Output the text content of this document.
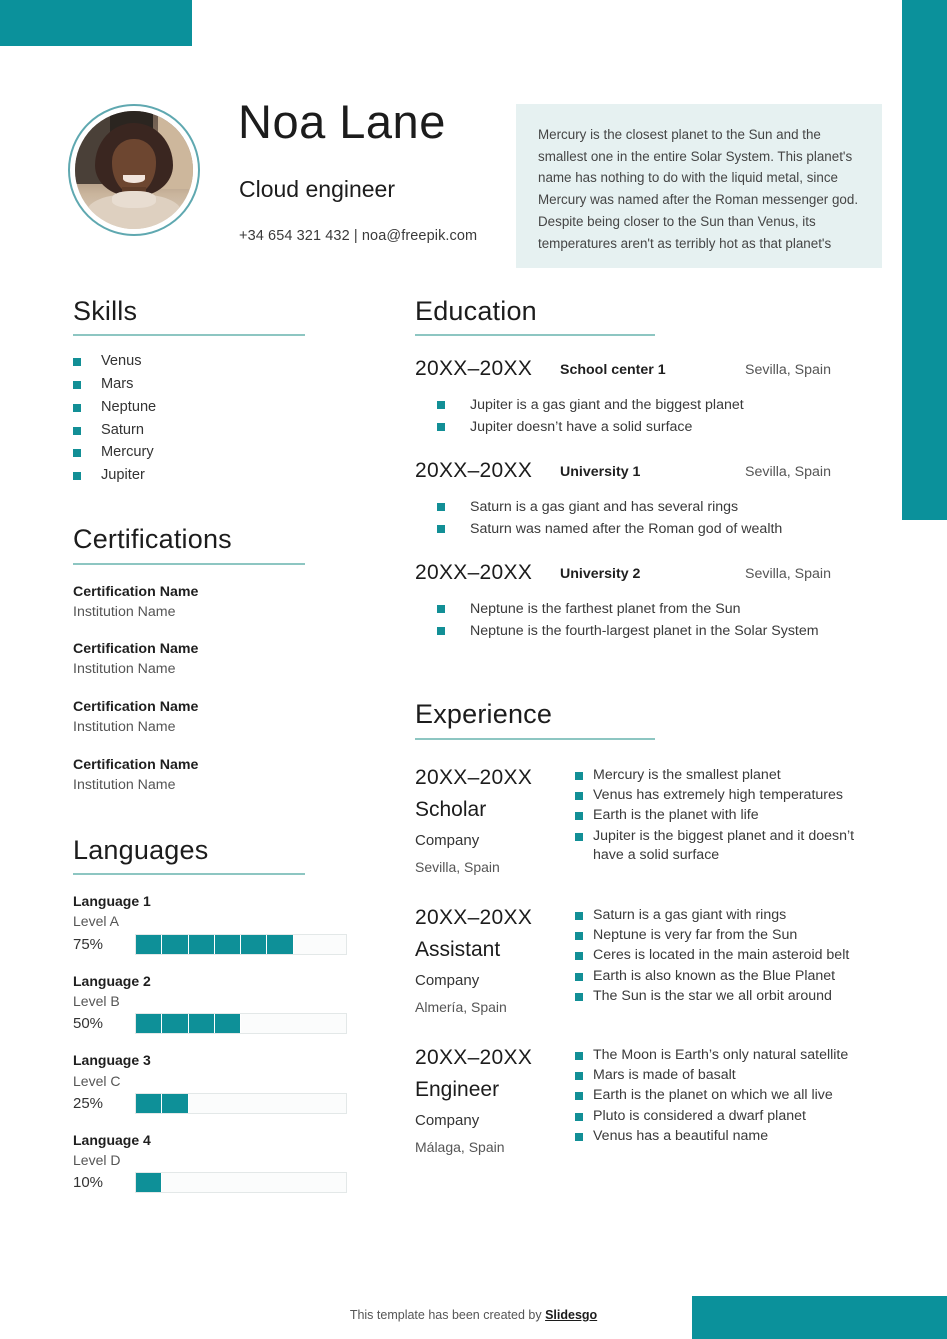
Noa Lane
Cloud engineer
+34 654 321 432 | noa@freepik.com
Mercury is the closest planet to the Sun and the smallest one in the entire Solar System. This planet's name has nothing to do with the liquid metal, since Mercury was named after the Roman messenger god. Despite being closer to the Sun than Venus, its temperatures aren't as terribly hot as that planet's
Skills
Venus
Mars
Neptune
Saturn
Mercury
Jupiter
Certifications
Certification Name
Institution Name
Certification Name
Institution Name
Certification Name
Institution Name
Certification Name
Institution Name
Languages
Language 1
Level A
75%
Language 2
Level B
50%
Language 3
Level C
25%
Language 4
Level D
10%
Education
20XX–20XX School center 1	Sevilla, Spain
Jupiter is a gas giant and the biggest planet
Jupiter doesn’t have a solid surface
20XX–20XX University 1	Sevilla, Spain
Saturn is a gas giant and has several rings
Saturn was named after the Roman god of wealth
20XX–20XX University 2	Sevilla, Spain
Neptune is the farthest planet from the Sun
Neptune is the fourth-largest planet in the Solar System
Experience
20XX–20XX
Scholar
Company
Sevilla, Spain
Mercury is the smallest planet
Venus has extremely high temperatures
Earth is the planet with life
Jupiter is the biggest planet and it doesn’t have a solid surface
20XX–20XX
Assistant
Company
Almería, Spain
Saturn is a gas giant with rings
Neptune is very far from the Sun
Ceres is located in the main asteroid belt
Earth is also known as the Blue Planet
The Sun is the star we all orbit around
20XX–20XX
Engineer
Company
Málaga, Spain
The Moon is Earth’s only natural satellite
Mars is made of basalt
Earth is the planet on which we all live
Pluto is considered a dwarf planet
Venus has a beautiful name
This template has been created by Slidesgo
